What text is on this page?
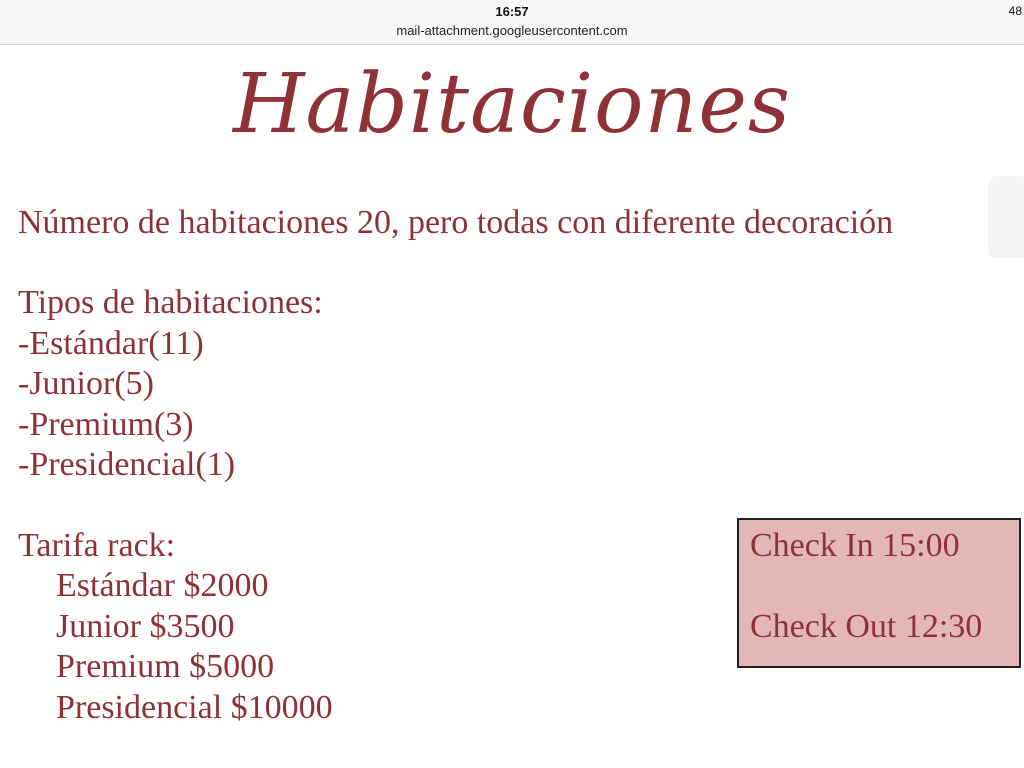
16:57	48
mail-attachment.googleusercontent.com
Habitaciones
Número de habitaciones 20, pero todas con diferente decoración
Tipos de habitaciones:
-Estándar(11)
-Junior(5)
-Premium(3)
-Presidencial(1)
Tarifa rack:
Estándar $2000
Junior $3500
Premium $5000
Presidencial $10000
Check In 15:00
Check Out 12:30
